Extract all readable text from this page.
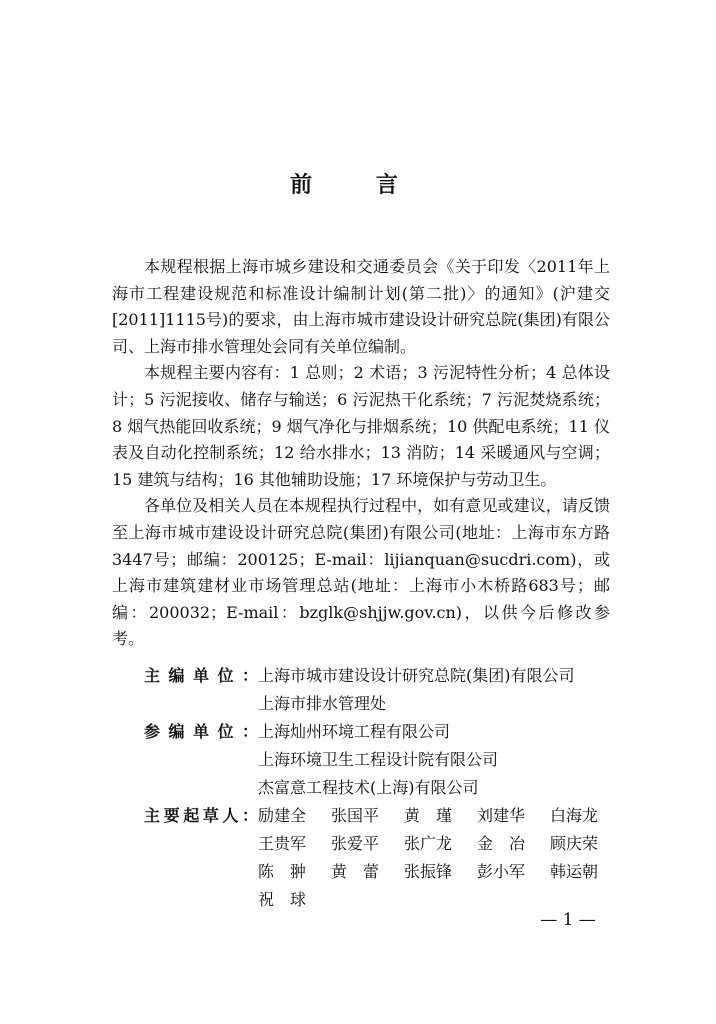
前 言

本规程根据上海市城乡建设和交通委员会《关于印发〈2011年上海市工程建设规范和标准设计编制计划(第二批)〉的通知》(沪建交[2011]1115号)的要求，由上海市城市建设设计研究总院(集团)有限公司、上海市排水管理处会同有关单位编制。

本规程主要内容有：1 总则；2 术语；3 污泥特性分析；4 总体设计；5 污泥接收、储存与输送；6 污泥热干化系统；7 污泥焚烧系统；8 烟气热能回收系统；9 烟气净化与排烟系统；10 供配电系统；11 仪表及自动化控制系统；12 给水排水；13 消防；14 采暖通风与空调；15 建筑与结构；16 其他辅助设施；17 环境保护与劳动卫生。

各单位及相关人员在本规程执行过程中，如有意见或建议，请反馈至上海市城市建设设计研究总院(集团)有限公司(地址：上海市东方路3447号；邮编：200125；E-mail：lijianquan@sucdri.com)，或上海市建筑建材业市场管理总站(地址：上海市小木桥路683号；邮编：200032；E-mail：bzglk@shjjw.gov.cn)，以供今后修改参考。

主编单位： 上海市城市建设设计研究总院(集团)有限公司
上海市排水管理处
参编单位： 上海灿州环境工程有限公司
上海环境卫生工程设计院有限公司
杰富意工程技术(上海)有限公司
主要起草人： 励建全	张国平	黄　瑾	刘建华	白海龙
王贵军	张爱平	张广龙	金　冶	顾庆荣
陈　翀	黄　蕾	张振锋	彭小军	韩运朝
祝　球
— 1 —
